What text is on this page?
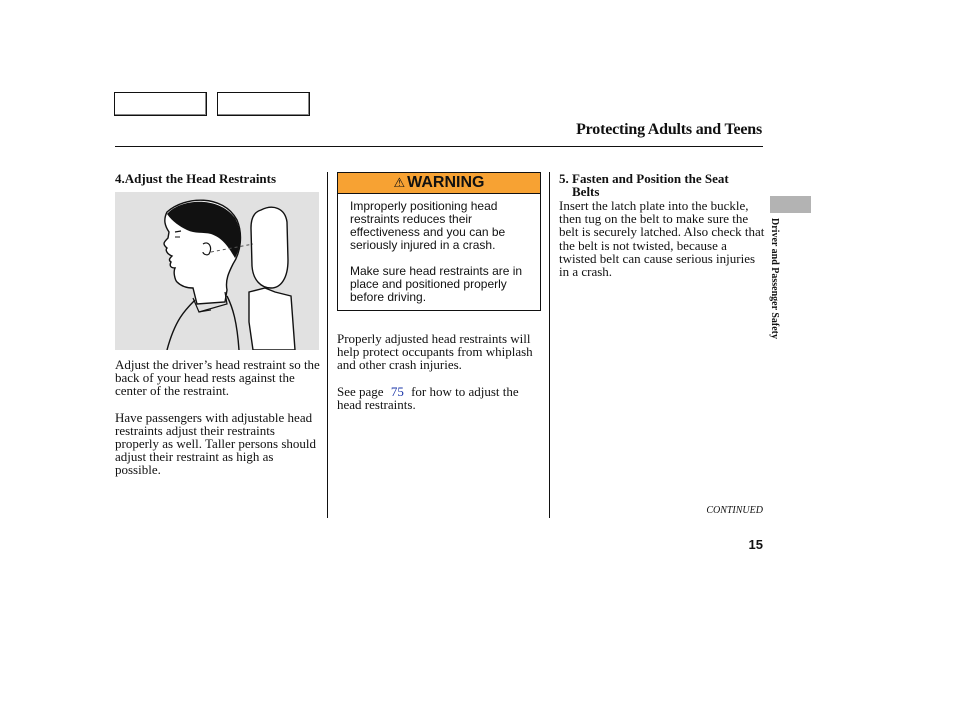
Protecting Adults and Teens
4.Adjust the Head Restraints

Adjust the driver’s head restraint so the back of your head rests against the center of the restraint.

Have passengers with adjustable head restraints adjust their restraints properly as well. Taller persons should adjust their restraint as high as possible.

⚠ WARNING

Improperly positioning head restraints reduces their effectiveness and you can be seriously injured in a crash.

Make sure head restraints are in place and positioned properly before driving.

Properly adjusted head restraints will help protect occupants from whiplash and other crash injuries.

See page 75 for how to adjust the head restraints.

5. Fasten and Position the Seat Belts

Insert the latch plate into the buckle, then tug on the belt to make sure the belt is securely latched. Also check that the belt is not twisted, because a twisted belt can cause serious injuries in a crash.	Driver and Passenger Safety
CONTINUED
15
